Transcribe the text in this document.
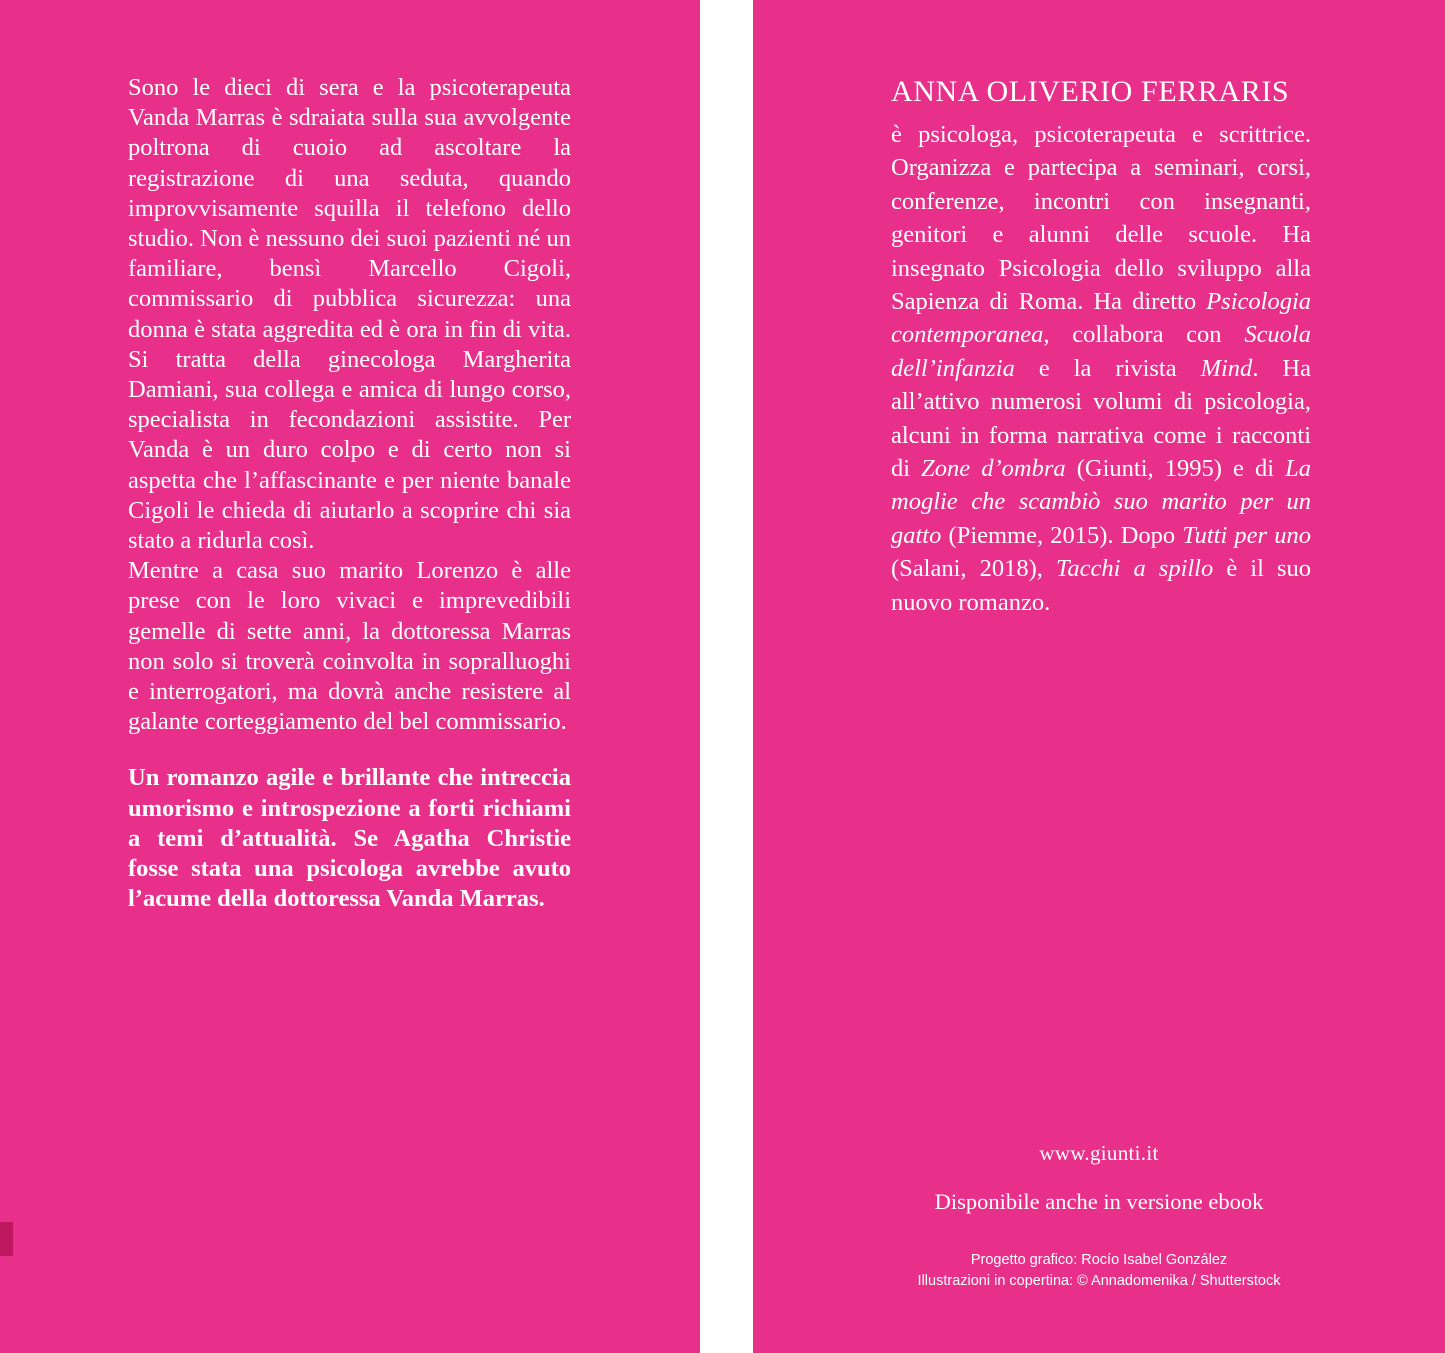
Sono le dieci di sera e la psicoterapeuta Vanda Marras è sdraiata sulla sua avvolgente poltrona di cuoio ad ascoltare la registrazione di una seduta, quando improvvisamente squilla il telefono dello studio. Non è nessuno dei suoi pazienti né un familiare, bensì Marcello Cigoli, commissario di pubblica sicurezza: una donna è stata aggredita ed è ora in fin di vita. Si tratta della ginecologa Margherita Damiani, sua collega e amica di lungo corso, specialista in fecondazioni assistite. Per Vanda è un duro colpo e di certo non si aspetta che l’affascinante e per niente banale Cigoli le chieda di aiutarlo a scoprire chi sia stato a ridurla così.

Mentre a casa suo marito Lorenzo è alle prese con le loro vivaci e imprevedibili gemelle di sette anni, la dottoressa Marras non solo si troverà coinvolta in sopralluoghi e interrogatori, ma dovrà anche resistere al galante corteggiamento del bel commissario.

Un romanzo agile e brillante che intreccia umorismo e introspezione a forti richiami a temi d’attualità. Se Agatha Christie fosse stata una psicologa avrebbe avuto l’acume della dottoressa Vanda Marras.

ANNA OLIVERIO FERRARIS

è psicologa, psicoterapeuta e scrittrice. Organizza e partecipa a seminari, corsi, conferenze, incontri con insegnanti, genitori e alunni delle scuole. Ha insegnato Psicologia dello sviluppo alla Sapienza di Roma. Ha diretto Psicologia contemporanea, collabora con Scuola dell’infanzia e la rivista Mind. Ha all’attivo numerosi volumi di psicologia, alcuni in forma narrativa come i racconti di Zone d’ombra (Giunti, 1995) e di La moglie che scambiò suo marito per un gatto (Piemme, 2015). Dopo Tutti per uno (Salani, 2018), Tacchi a spillo è il suo nuovo romanzo.

www.giunti.it
Disponibile anche in versione ebook
Progetto grafico: Rocío Isabel González
Illustrazioni in copertina: © Annadomenika / Shutterstock
